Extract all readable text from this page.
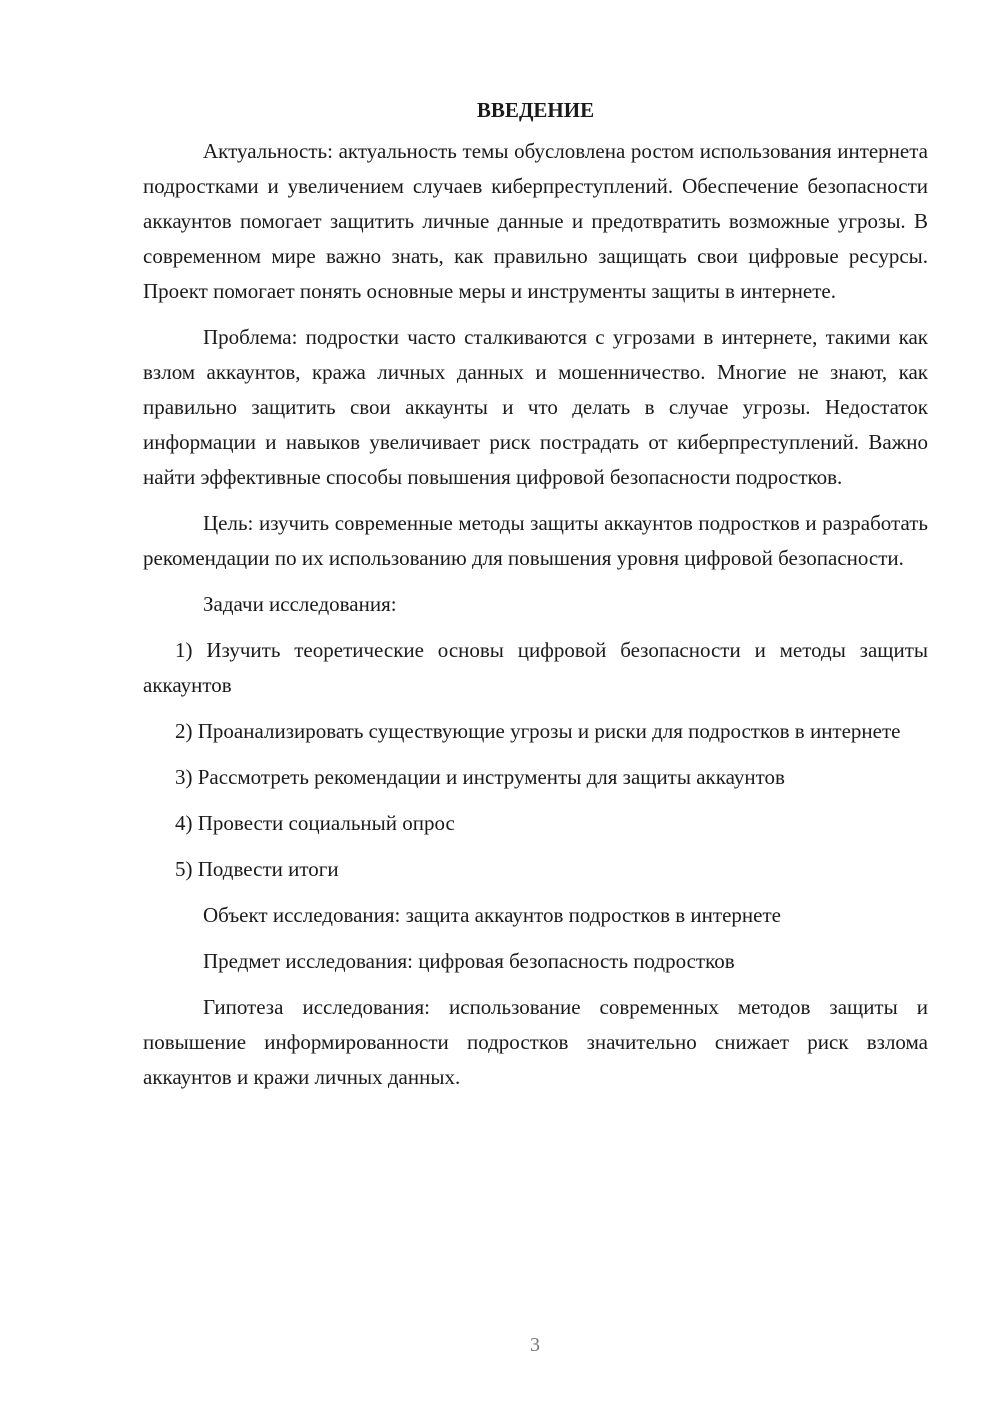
ВВЕДЕНИЕ

Актуальность: актуальность темы обусловлена ростом использования интернета подростками и увеличением случаев киберпреступлений. Обеспечение безопасности аккаунтов помогает защитить личные данные и предотвратить возможные угрозы. В современном мире важно знать, как правильно защищать свои цифровые ресурсы. Проект помогает понять основные меры и инструменты защиты в интернете.

Проблема: подростки часто сталкиваются с угрозами в интернете, такими как взлом аккаунтов, кража личных данных и мошенничество. Многие не знают, как правильно защитить свои аккаунты и что делать в случае угрозы. Недостаток информации и навыков увеличивает риск пострадать от киберпреступлений. Важно найти эффективные способы повышения цифровой безопасности подростков.

Цель: изучить современные методы защиты аккаунтов подростков и разработать рекомендации по их использованию для повышения уровня цифровой безопасности.

Задачи исследования:

1) Изучить теоретические основы цифровой безопасности и методы защиты аккаунтов

2) Проанализировать существующие угрозы и риски для подростков в интернете

3) Рассмотреть рекомендации и инструменты для защиты аккаунтов

4) Провести социальный опрос

5) Подвести итоги

Объект исследования: защита аккаунтов подростков в интернете

Предмет исследования: цифровая безопасность подростков

Гипотеза исследования: использование современных методов защиты и повышение информированности подростков значительно снижает риск взлома аккаунтов и кражи личных данных.

3
